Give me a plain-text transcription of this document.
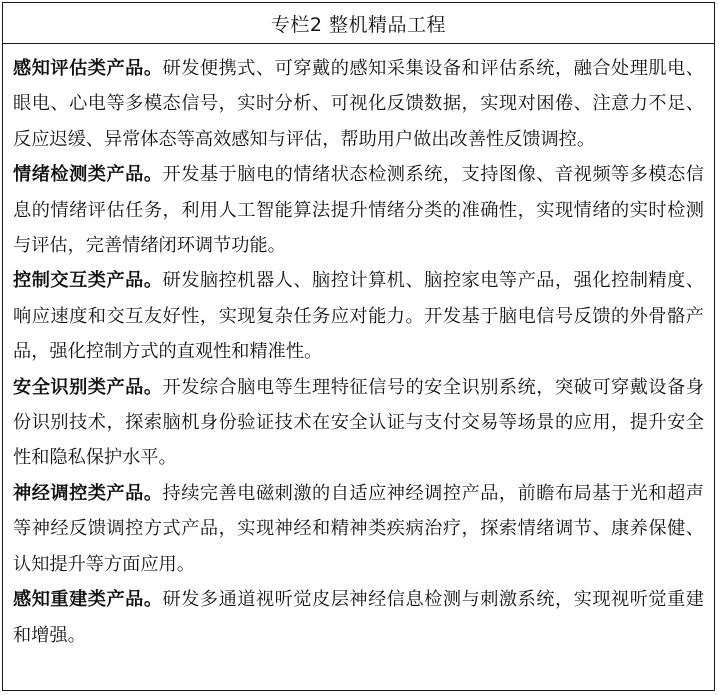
专栏2 整机精品工程

感知评估类产品。研发便携式、可穿戴的感知采集设备和评估系统，融合处理肌电、眼电、心电等多模态信号，实时分析、可视化反馈数据，实现对困倦、注意力不足、反应迟缓、异常体态等高效感知与评估，帮助用户做出改善性反馈调控。

情绪检测类产品。开发基于脑电的情绪状态检测系统，支持图像、音视频等多模态信息的情绪评估任务，利用人工智能算法提升情绪分类的准确性，实现情绪的实时检测与评估，完善情绪闭环调节功能。

控制交互类产品。研发脑控机器人、脑控计算机、脑控家电等产品，强化控制精度、响应速度和交互友好性，实现复杂任务应对能力。开发基于脑电信号反馈的外骨骼产品，强化控制方式的直观性和精准性。

安全识别类产品。开发综合脑电等生理特征信号的安全识别系统，突破可穿戴设备身份识别技术，探索脑机身份验证技术在安全认证与支付交易等场景的应用，提升安全性和隐私保护水平。

神经调控类产品。持续完善电磁刺激的自适应神经调控产品，前瞻布局基于光和超声等神经反馈调控方式产品，实现神经和精神类疾病治疗，探索情绪调节、康养保健、认知提升等方面应用。

感知重建类产品。研发多通道视听觉皮层神经信息检测与刺激系统，实现视听觉重建和增强。
